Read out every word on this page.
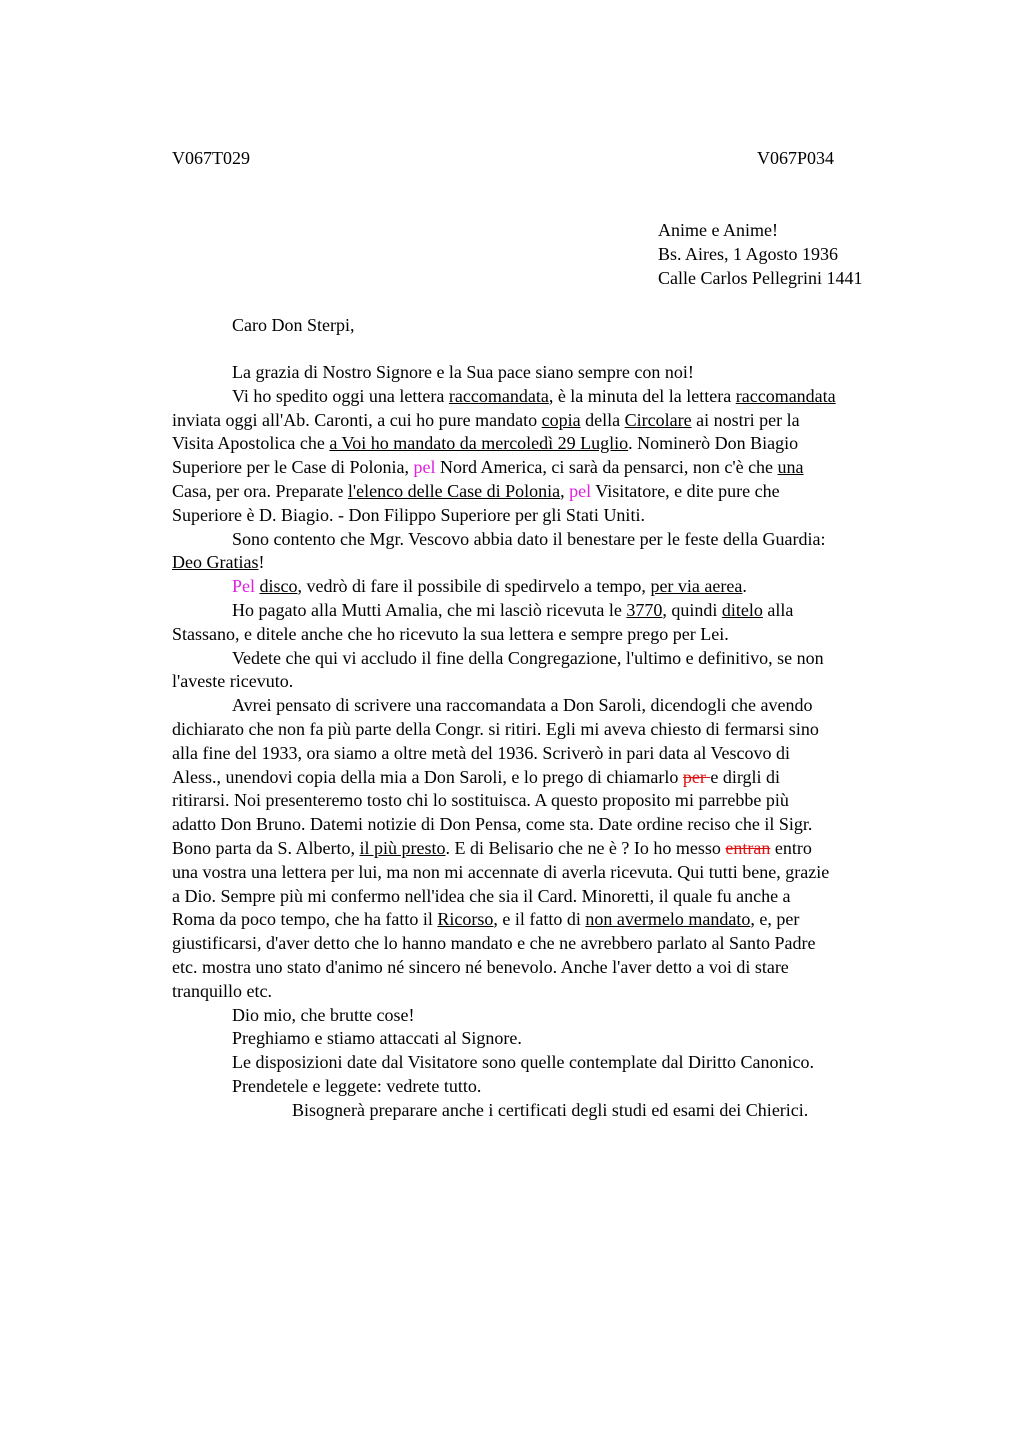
V067T029	V067P034
Anime e Anime!
Bs. Aires, 1 Agosto 1936
Calle Carlos Pellegrini 1441
Caro Don Sterpi,
La grazia di Nostro Signore e la Sua pace siano sempre con noi!
Vi ho spedito oggi una lettera raccomandata, è la minuta del la lettera raccomandata
inviata oggi all'Ab. Caronti, a cui ho pure mandato copia della Circolare ai nostri per la
Visita Apostolica che a Voi ho mandato da mercoledì 29 Luglio. Nominerò Don Biagio
Superiore per le Case di Polonia, pel Nord America, ci sarà da pensarci, non c'è che una
Casa, per ora. Preparate l'elenco delle Case di Polonia, pel Visitatore, e dite pure che
Superiore è D. Biagio. - Don Filippo Superiore per gli Stati Uniti.
Sono contento che Mgr. Vescovo abbia dato il benestare per le feste della Guardia:
Deo Gratias!
Pel disco, vedrò di fare il possibile di spedirvelo a tempo, per via aerea.
Ho pagato alla Mutti Amalia, che mi lasciò ricevuta le 3770, quindi ditelo alla
Stassano, e ditele anche che ho ricevuto la sua lettera e sempre prego per Lei.
Vedete che qui vi accludo il fine della Congregazione, l'ultimo e definitivo, se non
l'aveste ricevuto.
Avrei pensato di scrivere una raccomandata a Don Saroli, dicendogli che avendo
dichiarato che non fa più parte della Congr. si ritiri. Egli mi aveva chiesto di fermarsi sino
alla fine del 1933, ora siamo a oltre metà del 1936. Scriverò in pari data al Vescovo di
Aless., unendovi copia della mia a Don Saroli, e lo prego di chiamarlo per e dirgli di
ritirarsi. Noi presenteremo tosto chi lo sostituisca. A questo proposito mi parrebbe più
adatto Don Bruno. Datemi notizie di Don Pensa, come sta. Date ordine reciso che il Sigr.
Bono parta da S. Alberto, il più presto. E di Belisario che ne è ? Io ho messo entran entro
una vostra una lettera per lui, ma non mi accennate di averla ricevuta. Qui tutti bene, grazie
a Dio. Sempre più mi confermo nell'idea che sia il Card. Minoretti, il quale fu anche a
Roma da poco tempo, che ha fatto il Ricorso, e il fatto di non avermelo mandato, e, per
giustificarsi, d'aver detto che lo hanno mandato e che ne avrebbero parlato al Santo Padre
etc. mostra uno stato d'animo né sincero né benevolo. Anche l'aver detto a voi di stare
tranquillo etc.
Dio mio, che brutte cose!
Preghiamo e stiamo attaccati al Signore.
Le disposizioni date dal Visitatore sono quelle contemplate dal Diritto Canonico.
Prendetele e leggete: vedrete tutto.
Bisognerà preparare anche i certificati degli studi ed esami dei Chierici.
